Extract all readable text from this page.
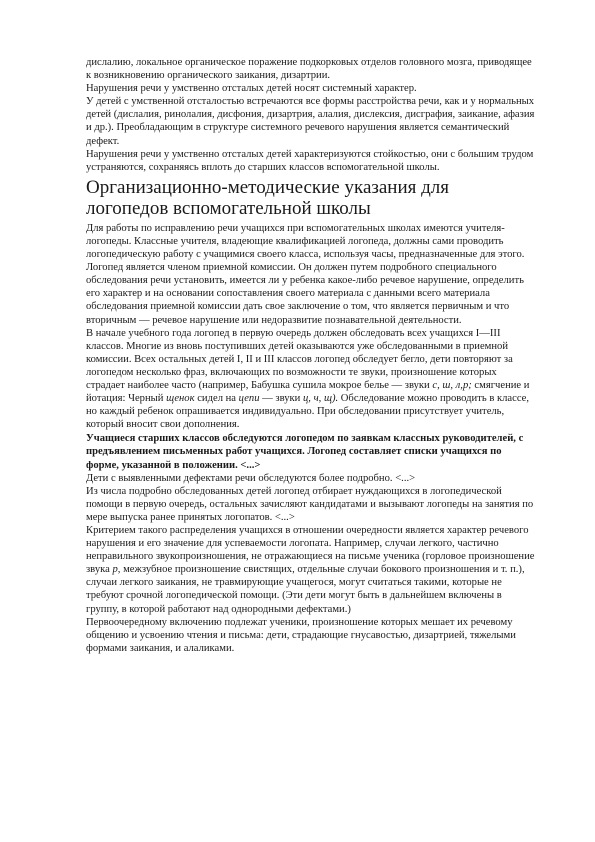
дислалию, локальное органическое поражение подкорковых отделов головного мозга, приводящее к возникновению органического заикания, дизартрии.

Нарушения речи у умственно отсталых детей носят системный характер.

У детей с умственной отсталостью встречаются все формы расстройства речи, как и у нормальных детей (дислалия, ринолалия, дисфония, дизартрия, алалия, дислексия, дисграфия, заикание, афазия и др.). Преобладающим в структуре системного речевого нарушения является семантический дефект.

Нарушения речи у умственно отсталых детей характеризуются стойкостью, они с большим трудом устраняются, сохраняясь вплоть до старших классов вспомогательной школы.

Организационно-методические указания для логопедов вспомогательной школы

Для работы по исправлению речи учащихся при вспомогательных школах имеются учителя-логопеды. Классные учителя, владеющие квалификацией логопеда, должны сами проводить логопедическую работу с учащимися своего класса, используя часы, предназначенные для этого.

Логопед является членом приемной комиссии. Он должен путем подробного специального обследования речи установить, имеется ли у ребенка какое-либо речевое нарушение, определить его характер и на основании сопоставления своего материала с данными всего материала обследования приемной комиссии дать свое заключение о том, что является первичным и что вторичным — речевое нарушение или недоразвитие познавательной деятельности.

В начале учебного года логопед в первую очередь должен обследовать всех учащихся I—III классов. Многие из вновь поступивших детей оказываются уже обследованными в приемной комиссии. Всех остальных детей I, II и III классов логопед обследует бегло, дети повторяют за логопедом несколько фраз, включающих по возможности те звуки, произношение которых страдает наиболее часто (например, Бабушка сушила мокрое белье — звуки с, ш, л,р; смягчение и йотация: Черный щенок сидел на цепи — звуки ц, ч, щ). Обследование можно проводить в классе, но каждый ребенок опрашивается индивидуально. При обследовании присутствует учитель, который вносит свои дополнения.

Учащиеся старших классов обследуются логопедом по заявкам классных руководителей, с предъявлением письменных работ учащихся. Логопед составляет списки учащихся по форме, указанной в положении. <...>

Дети с выявленными дефектами речи обследуются более подробно. <...>

Из числа подробно обследованных детей логопед отбирает нуждающихся в логопедической помощи в первую очередь, остальных зачисляют кандидатами и вызывают логопеды на занятия по мере выпуска ранее принятых логопатов. <...>

Критерием такого распределения учащихся в отношении очередности является характер речевого нарушения и его значение для успеваемости логопата. Например, случаи легкого, частично неправильного звукопроизношения, не отражающиеся на письме ученика (горловое произношение звука р, межзубное произношение свистящих, отдельные случаи бокового произношения и т. п.), случаи легкого заикания, не травмирующие учащегося, могут считаться такими, которые не требуют срочной логопедической помощи. (Эти дети могут быть в дальнейшем включены в группу, в которой работают над однородными дефектами.)

Первоочередному включению подлежат ученики, произношение которых мешает их речевому общению и усвоению чтения и письма: дети, страдающие гнусавостью, дизартрией, тяжелыми формами заикания, и алаликами.
